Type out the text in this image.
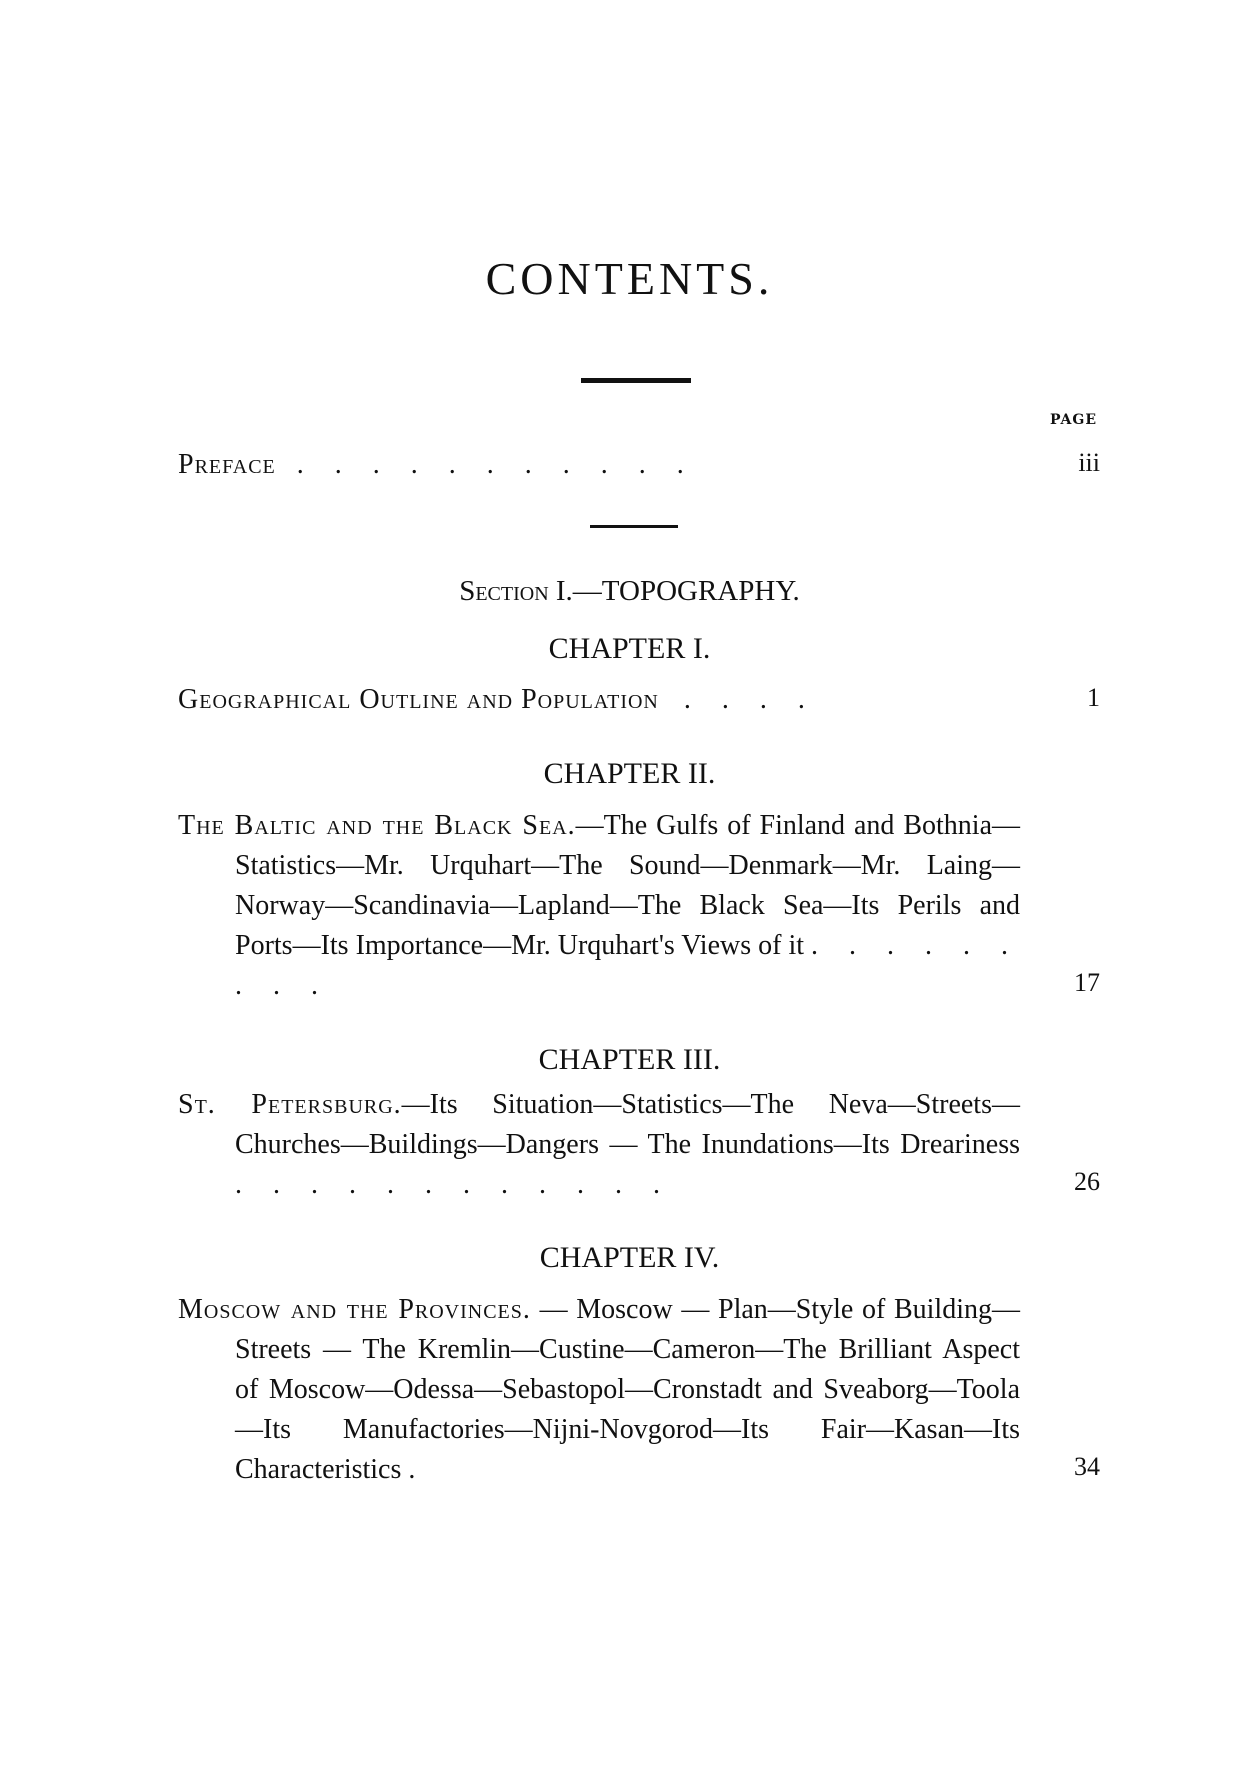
CONTENTS.
PAGE
Preface . . . . . . . . . . .	iii
Section I.—TOPOGRAPHY.
CHAPTER I.
Geographical Outline and Population . . . .	1
CHAPTER II.
The Baltic and the Black Sea.—The Gulfs of Finland and Bothnia—Statistics—Mr. Urquhart—The Sound—Denmark—Mr. Laing—Norway—Scandinavia—Lapland—The Black Sea—Its Perils and Ports—Its Importance—Mr. Urquhart's Views of it . . . . . . . . .	17
CHAPTER III.
St. Petersburg.—Its Situation—Statistics—The Neva—Streets—Churches—Buildings—Dangers — The Inundations—Its Dreariness . . . . . . . . . . . .	26
CHAPTER IV.
Moscow and the Provinces. — Moscow — Plan—Style of Building—Streets — The Kremlin—Custine—Cameron—The Brilliant Aspect of Moscow—Odessa—Sebastopol—Cronstadt and Sveaborg—Toola—Its Manufactories—Nijni-Novgorod—Its Fair—Kasan—Its Characteristics .	34
